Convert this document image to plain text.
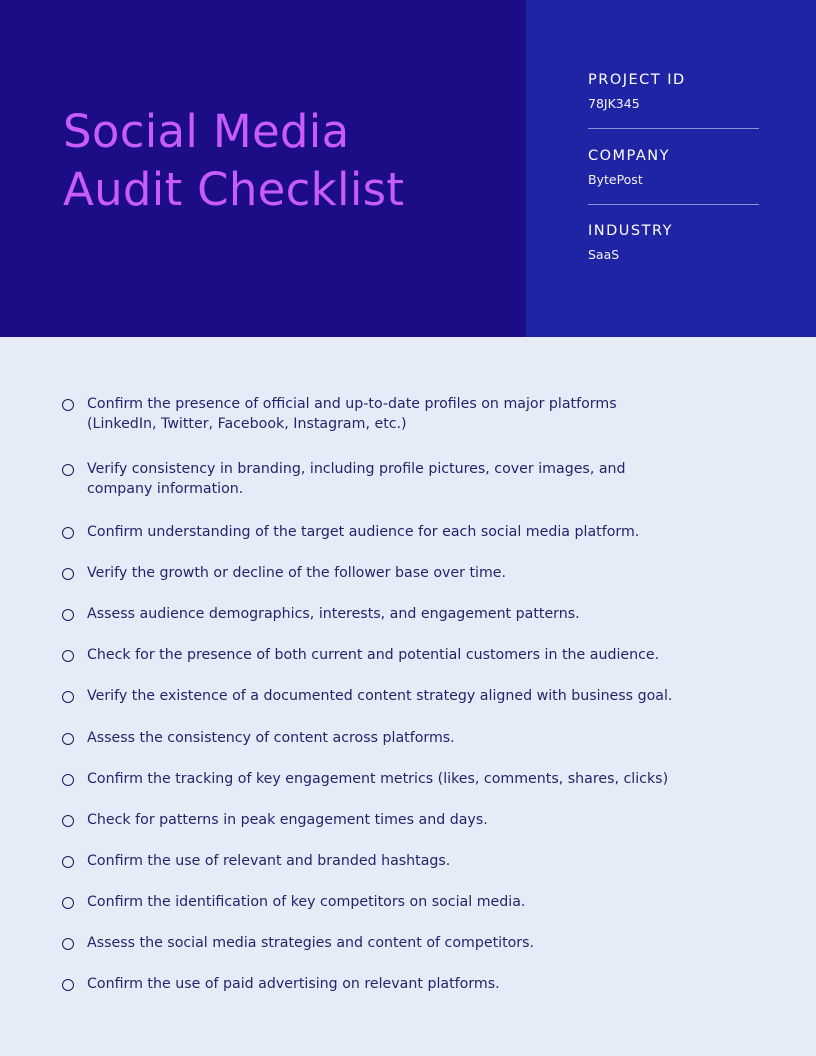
Social Media
Audit Checklist
PROJECT ID
78JK345
COMPANY
BytePost
INDUSTRY
SaaS
Confirm the presence of official and up-to-date profiles on major platforms
(LinkedIn, Twitter, Facebook, Instagram, etc.)
Verify consistency in branding, including profile pictures, cover images, and
company information.
Confirm understanding of the target audience for each social media platform.
Verify the growth or decline of the follower base over time.
Assess audience demographics, interests, and engagement patterns.
Check for the presence of both current and potential customers in the audience.
Verify the existence of a documented content strategy aligned with business goal.
Assess the consistency of content across platforms.
Confirm the tracking of key engagement metrics (likes, comments, shares, clicks)
Check for patterns in peak engagement times and days.
Confirm the use of relevant and branded hashtags.
Confirm the identification of key competitors on social media.
Assess the social media strategies and content of competitors.
Confirm the use of paid advertising on relevant platforms.
